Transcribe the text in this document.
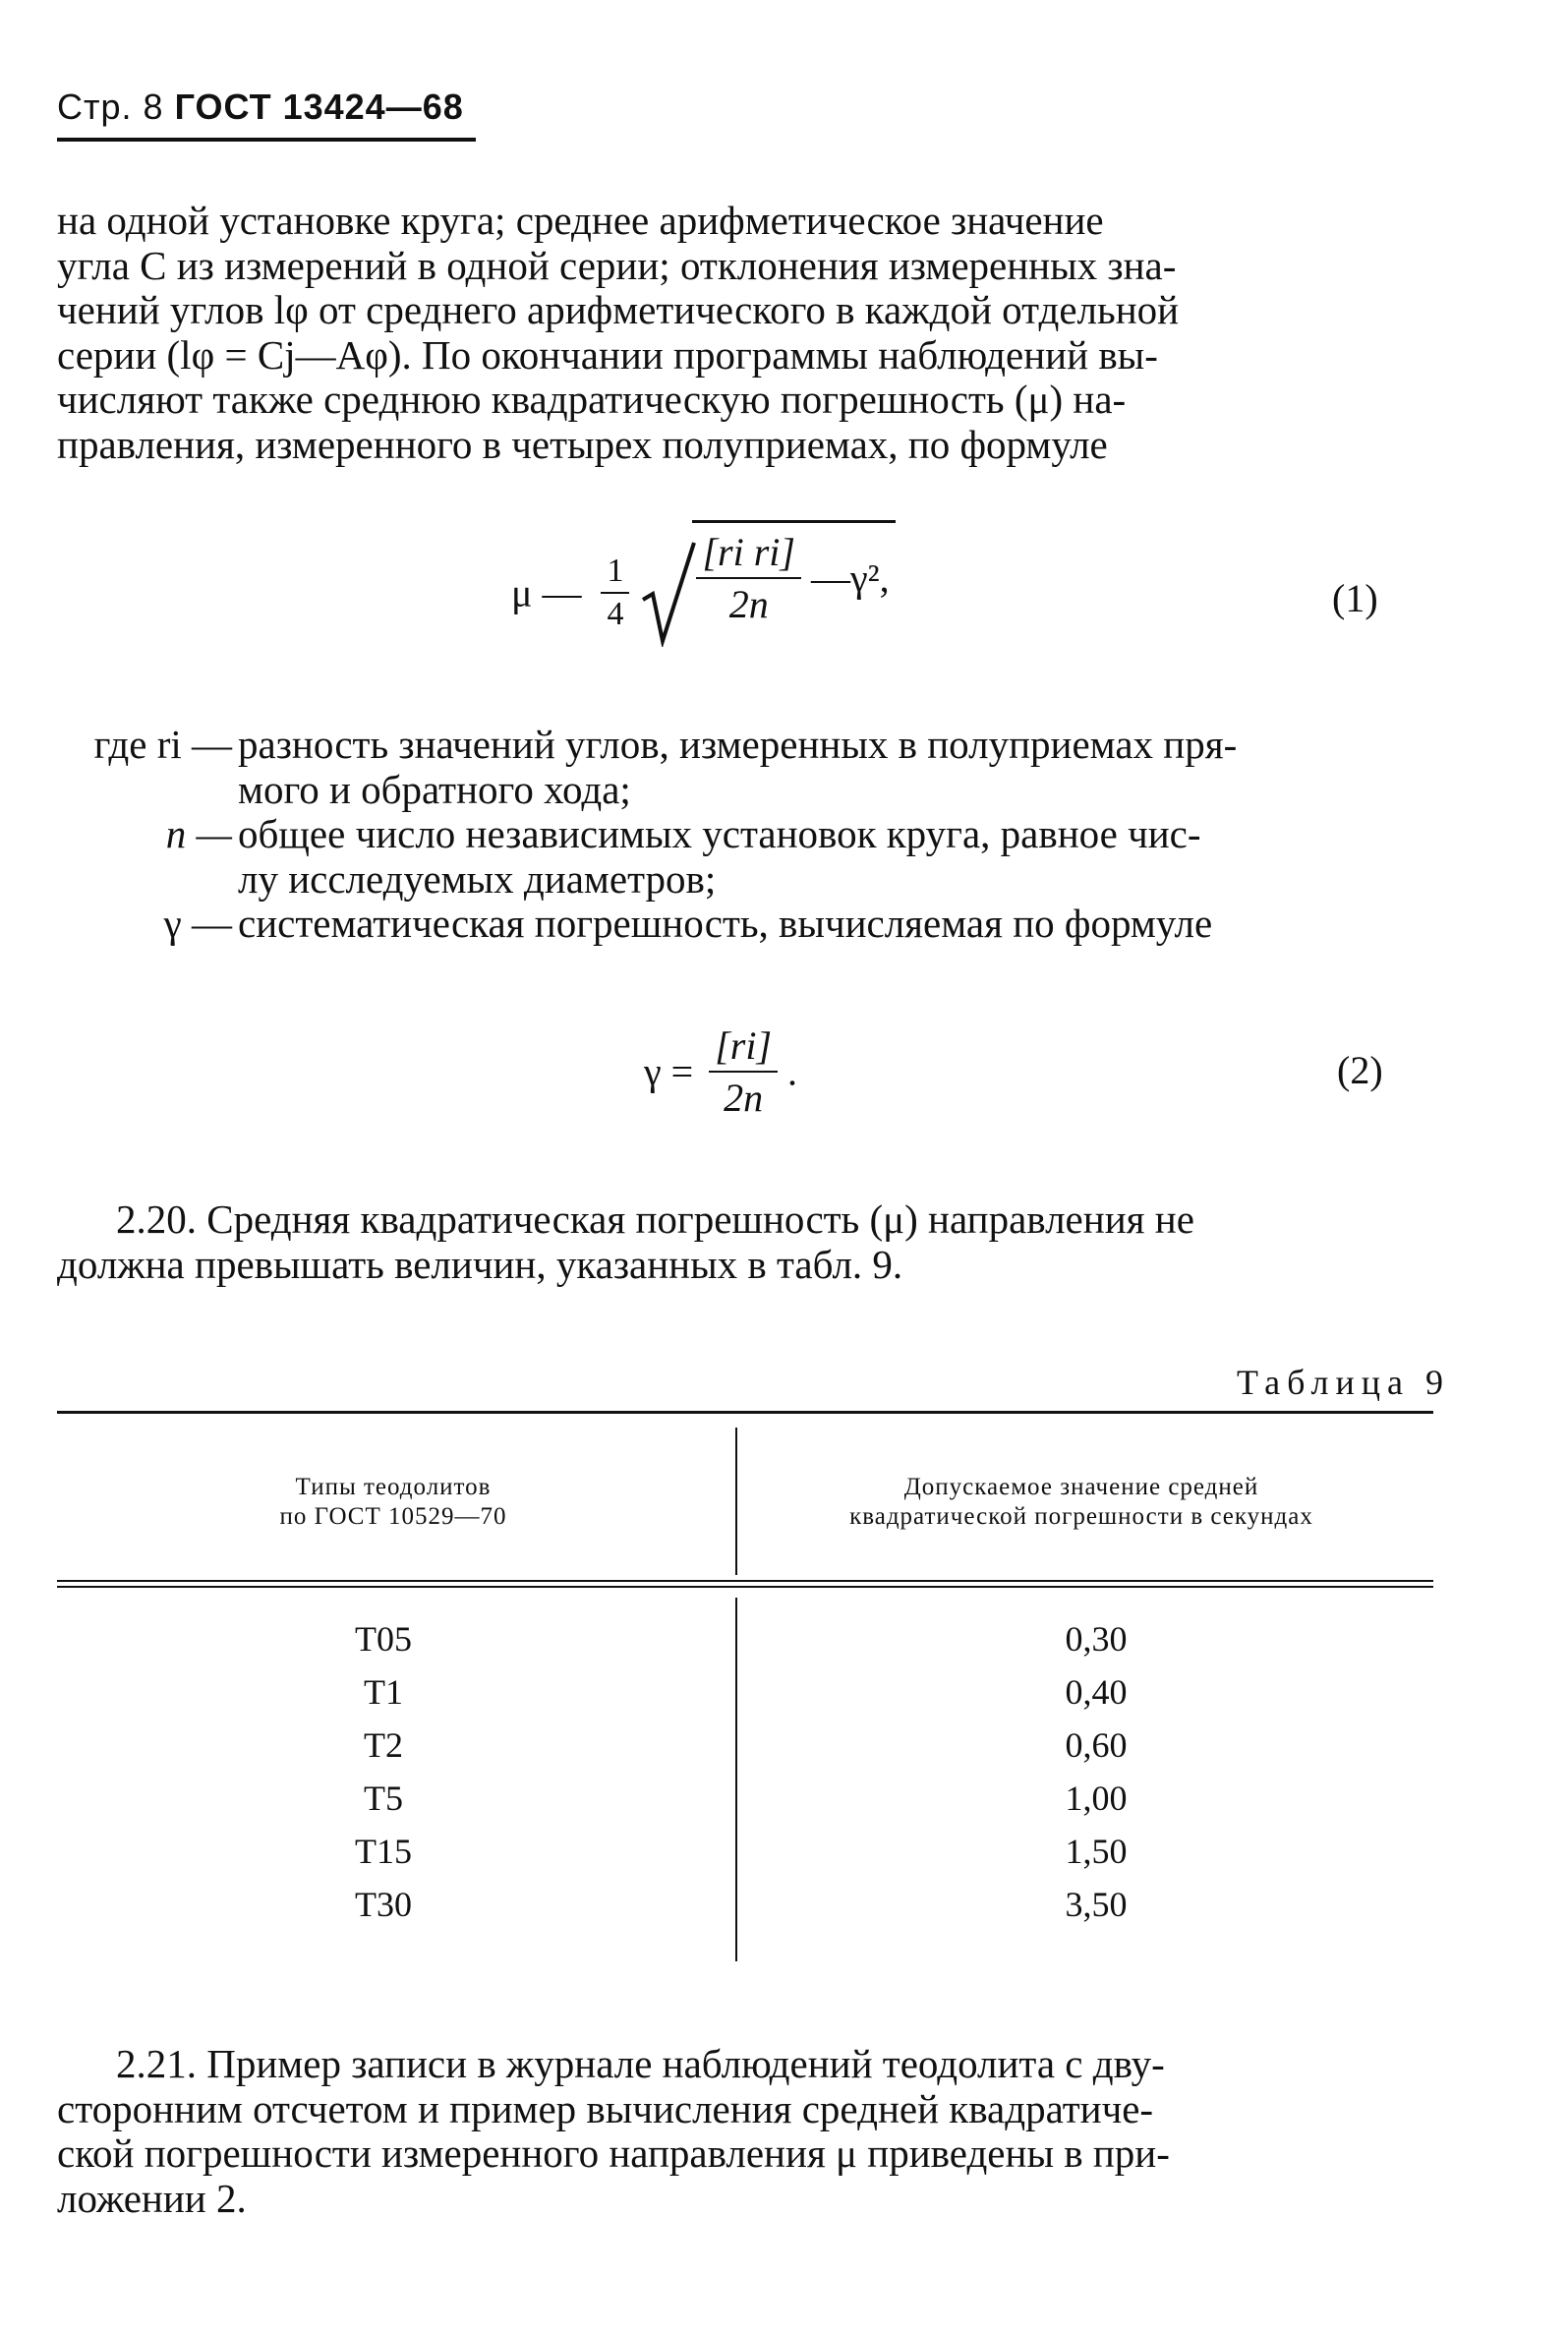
Стр. 8 ГОСТ 13424—68
на одной установке круга; среднее арифметическое значение
угла C из измерений в одной серии; отклонения измеренных зна-
чений углов lφ от среднего арифметического в каждой отдельной
серии (lφ = Cj—Aφ). По окончании программы наблюдений вы-
числяют также среднюю квадратическую погрешность (μ) на-
правления, измеренного в четырех полуприемах, по формуле
μ — $\frac{1}{4}$
$\frac{\text{[ri ri]}}{2n}$ —γ²,	(1)
где ri — разность значений углов, измеренных в полуприемах пря-
мого и обратного хода;
n — общее число независимых установок круга, равное чис-
лу исследуемых диаметров;
γ — систематическая погрешность, вычисляемая по формуле
$\gamma = \frac{[ri]}{2n}$ .	(2)
2.20. Средняя квадратическая погрешность (μ) направления не
должна превышать величин, указанных в табл. 9.
Таблица 9
Типы теодолитов
по ГОСТ 10529—70
Допускаемое значение средней
квадратической погрешности в секундах
Т05
Т1
Т2
Т5
Т15
Т30
0,30
0,40
0,60
1,00
1,50
3,50
2.21. Пример записи в журнале наблюдений теодолита с дву-
сторонним отсчетом и пример вычисления средней квадратиче-
ской погрешности измеренного направления μ приведены в при-
ложении 2.
